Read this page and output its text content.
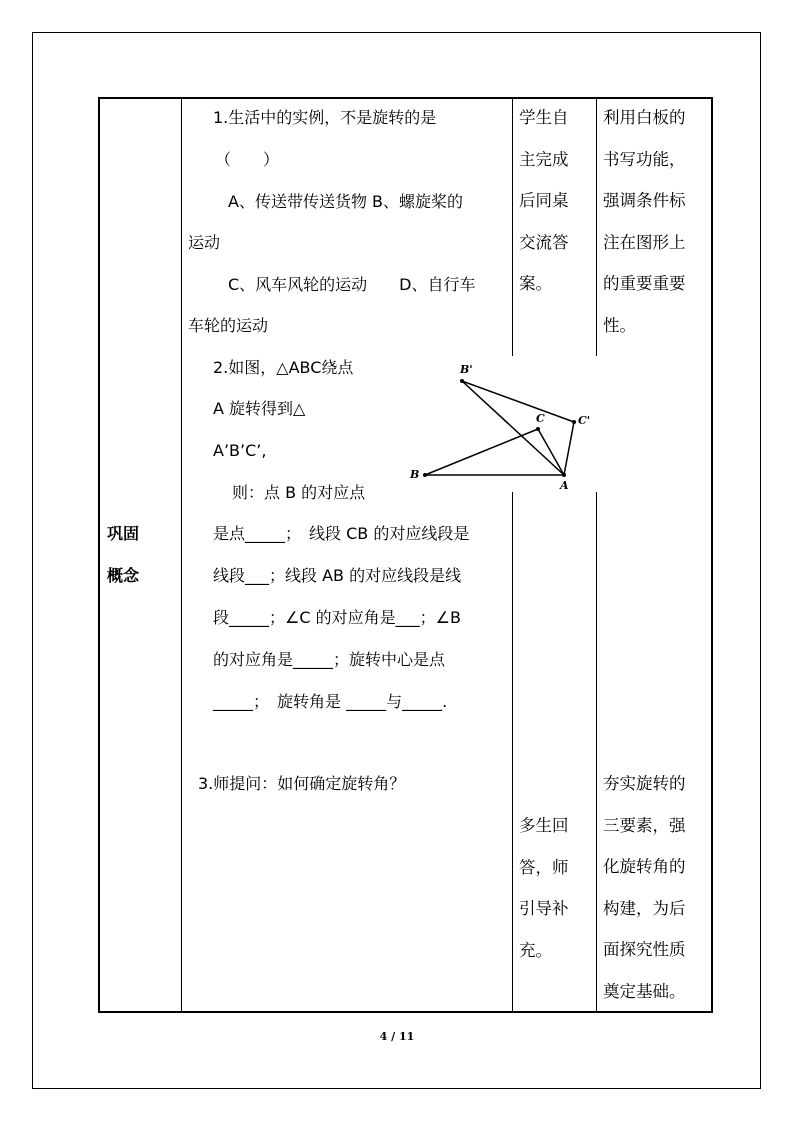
巩固
概念
1.生活中的实例，不是旋转的是
（　　）
A、传送带传送货物 B、螺旋桨的
运动
C、风车风轮的运动　　D、自行车
车轮的运动
2.如图，△ABC绕点
A 旋转得到△
A’B’C’,
则：点 B 的对应点
是点_____；　线段 CB 的对应线段是
线段___；线段 AB 的对应线段是线
段_____；∠C 的对应角是___；∠B
的对应角是_____；旋转中心是点
_____；　旋转角是 _____与_____.
3.师提问：如何确定旋转角？

学生自

主完成

后同桌

交流答

案。

利用白板的

书写功能，

强调条件标

注在图形上

的重要重要

性。

多生回

答，师

引导补

充。

夯实旋转的

三要素，强

化旋转角的

构建，为后

面探究性质

奠定基础。

B'
C	C'
B
A
4 / 11
